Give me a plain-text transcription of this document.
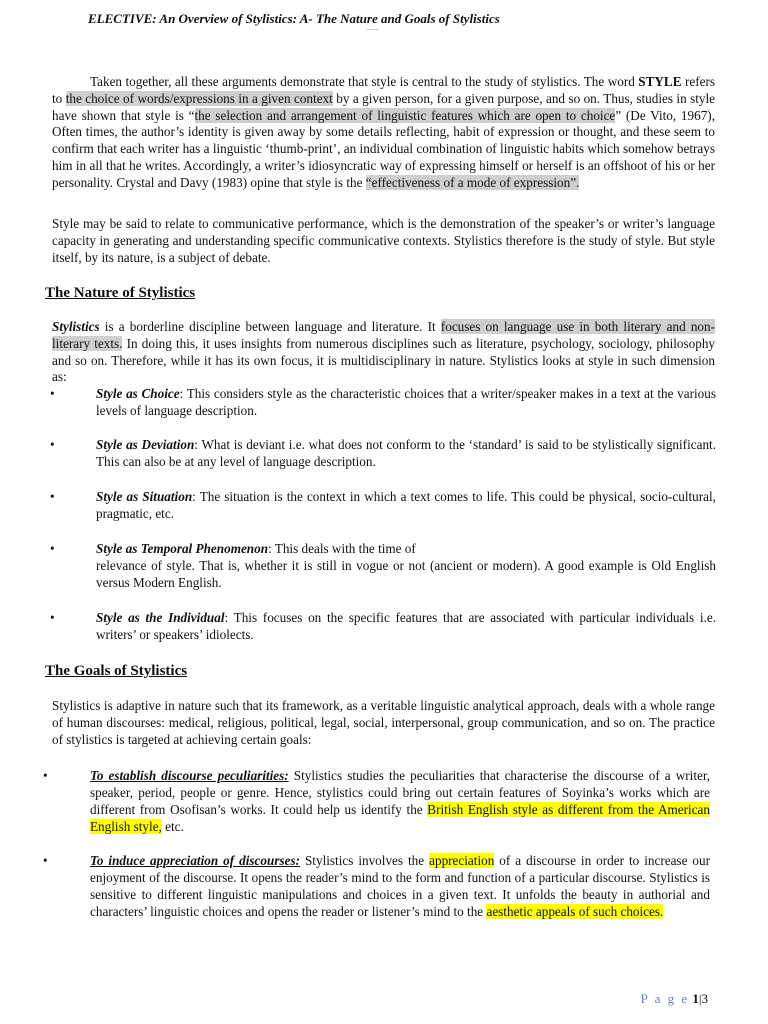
ELECTIVE: An Overview of Stylistics: A- The Nature and Goals of Stylistics

Taken together, all these arguments demonstrate that style is central to the study of stylistics. The word STYLE refers to the choice of words/expressions in a given context by a given person, for a given purpose, and so on. Thus, studies in style have shown that style is “the selection and arrangement of linguistic features which are open to choice” (De Vito, 1967), Often times, the author’s identity is given away by some details reflecting, habit of expression or thought, and these seem to confirm that each writer has a linguistic ‘thumb-print’, an individual combination of linguistic habits which somehow betrays him in all that he writes. Accordingly, a writer’s idiosyncratic way of expressing himself or herself is an offshoot of his or her personality. Crystal and Davy (1983) opine that style is the “effectiveness of a mode of expression”.

Style may be said to relate to communicative performance, which is the demonstration of the speaker’s or writer’s language capacity in generating and understanding specific communicative contexts. Stylistics therefore is the study of style. But style itself, by its nature, is a subject of debate.

The Nature of Stylistics

Stylistics is a borderline discipline between language and literature. It focuses on language use in both literary and non-literary texts. In doing this, it uses insights from numerous disciplines such as literature, psychology, sociology, philosophy and so on. Therefore, while it has its own focus, it is multidisciplinary in nature. Stylistics looks at style in such dimension as:

•	Style as Choice: This considers style as the characteristic choices that a writer/speaker makes in a text at the various levels of language description.

•	Style as Deviation: What is deviant i.e. what does not conform to the ‘standard’ is said to be stylistically significant. This can also be at any level of language description.

•	Style as Situation: The situation is the context in which a text comes to life. This could be physical, socio-cultural, pragmatic, etc.

•	Style as Temporal Phenomenon: This deals with the time of
relevance of style. That is, whether it is still in vogue or not (ancient or modern). A good example is Old English versus Modern English.

•	Style as the Individual: This focuses on the specific features that are associated with particular individuals i.e. writers’ or speakers’ idiolects.

The Goals of Stylistics

Stylistics is adaptive in nature such that its framework, as a veritable linguistic analytical approach, deals with a whole range of human discourses: medical, religious, political, legal, social, interpersonal, group communication, and so on. The practice of stylistics is targeted at achieving certain goals:

•	To establish discourse peculiarities: Stylistics studies the peculiarities that characterise the discourse of a writer, speaker, period, people or genre. Hence, stylistics could bring out certain features of Soyinka’s works which are different from Osofisan’s works. It could help us identify the British English style as different from the American English style, etc.

•	To induce appreciation of discourses: Stylistics involves the appreciation of a discourse in order to increase our enjoyment of the discourse. It opens the reader’s mind to the form and function of a particular discourse. Stylistics is sensitive to different linguistic manipulations and choices in a given text. It unfolds the beauty in authorial and characters’ linguistic choices and opens the reader or listener’s mind to the aesthetic appeals of such choices.

P a g e 1|3
